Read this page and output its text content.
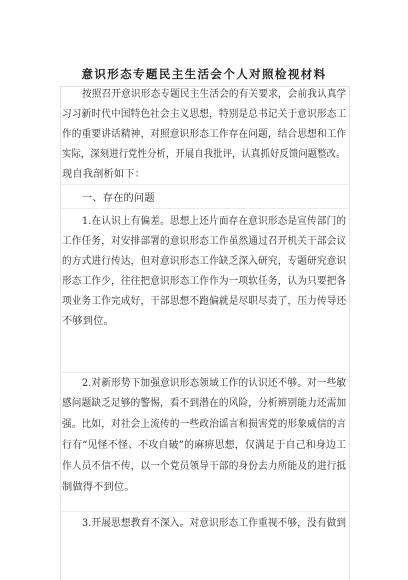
意识形态专题民主生活会个人对照检视材料
按照召开意识形态专题民主生活会的有关要求，会前我认真学
习习新时代中国特色社会主义思想，特别是总书记关于意识形态工
作的重要讲话精神，对照意识形态工作存在问题，结合思想和工作
实际，深刻进行党性分析，开展自我批评，认真抓好反馈问题整改。
现自我剖析如下：
一、存在的问题
1.在认识上有偏差。思想上还片面存在意识形态是宣传部门的
工作任务，对安排部署的意识形态工作虽然通过召开机关干部会议
的方式进行传达，但对意识形态工作缺乏深入研究，专题研究意识
形态工作少，往往把意识形态工作作为一项软任务，认为只要把各
项业务工作完成好，干部思想不跑偏就是尽职尽责了，压力传导还
不够到位。
2.对新形势下加强意识形态领域工作的认识还不够。对一些敏
感问题缺乏足够的警惕，看不到潜在的风险，分析辨别能力还需加
强。比如，对社会上流传的一些政治谣言和损害党的形象威信的言
行有“见怪不怪、不攻自破”的麻痹思想，仅满足于自己和身边工
作人员不信不传，以一个党员领导干部的身份去力所能及的进行抵
制做得不到位。
3.开展思想教育不深入。对意识形态工作重视不够，没有做到
